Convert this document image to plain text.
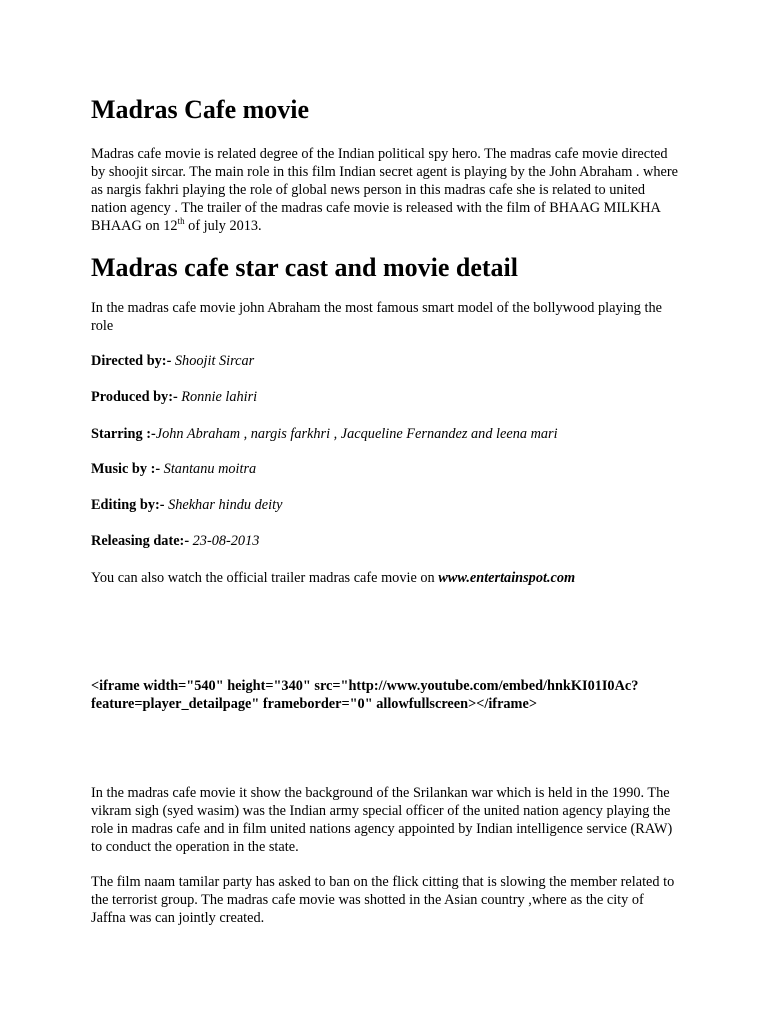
Madras Cafe movie

Madras cafe movie is related degree of the Indian political spy hero. The madras cafe movie directed by shoojit sircar. The main role in this film Indian secret agent is playing by the John Abraham . where as nargis fakhri playing the role of global news person in this madras cafe she is related to united nation agency . The trailer of the madras cafe movie is released with the film of BHAAG MILKHA BHAAG on 12th of july 2013.

Madras cafe star cast and movie detail

In the madras cafe movie john Abraham the most famous smart model of the bollywood playing the role

Directed by:- Shoojit Sircar

Produced by:- Ronnie lahiri

Starring :-John Abraham , nargis farkhri , Jacqueline Fernandez and leena mari

Music by :- Stantanu moitra

Editing by:- Shekhar hindu deity

Releasing date:- 23-08-2013

You can also watch the official trailer madras cafe movie on www.entertainspot.com

<iframe width="540" height="340" src="http://www.youtube.com/embed/hnkKI01I0Ac?feature=player_detailpage" frameborder="0" allowfullscreen></iframe>

In the madras cafe movie it show the background of the Srilankan war which is held in the 1990. The vikram sigh (syed wasim) was the Indian army special officer of the united nation agency playing the role in madras cafe and in film united nations agency appointed by Indian intelligence service (RAW) to conduct the operation in the state.

The film naam tamilar party has asked to ban on the flick citting that is slowing the member related to the terrorist group. The madras cafe movie was shotted in the Asian country ,where as the city of Jaffna was can jointly created.
